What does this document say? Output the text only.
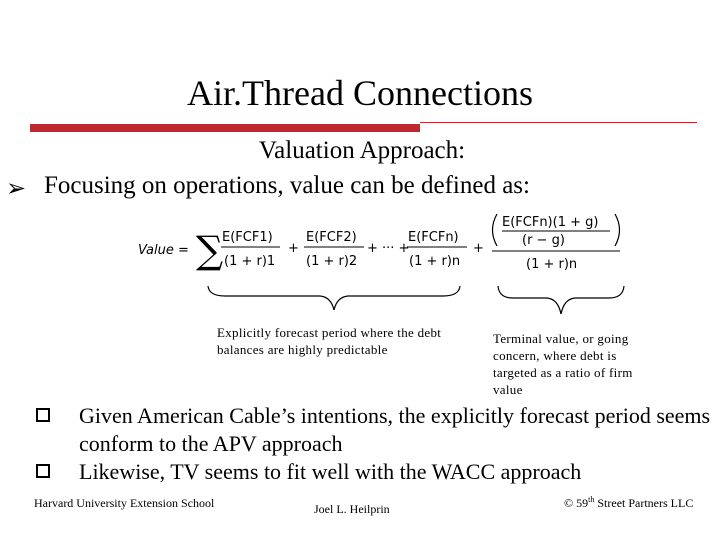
Air.Thread Connections
Valuation Approach:
➢ Focusing on operations, value can be defined as:
Value = ∑
E(FCF1)
(1 + r)1
+
E(FCF2)
(1 + r)2
+ ··· +
E(FCFn)
(1 + r)n
+
E(FCFn)(1 + g)
(r − g)
(1 + r)n
Explicitly forecast period where the debt balances are highly predictable
Terminal value, or going concern, where debt is targeted as a ratio of firm value
Given American Cable’s intentions, the explicitly forecast period seems conform to the APV approach
Likewise, TV seems to fit well with the WACC approach
Harvard University Extension School	Joel L. Heilprin	© 59th Street Partners LLC
